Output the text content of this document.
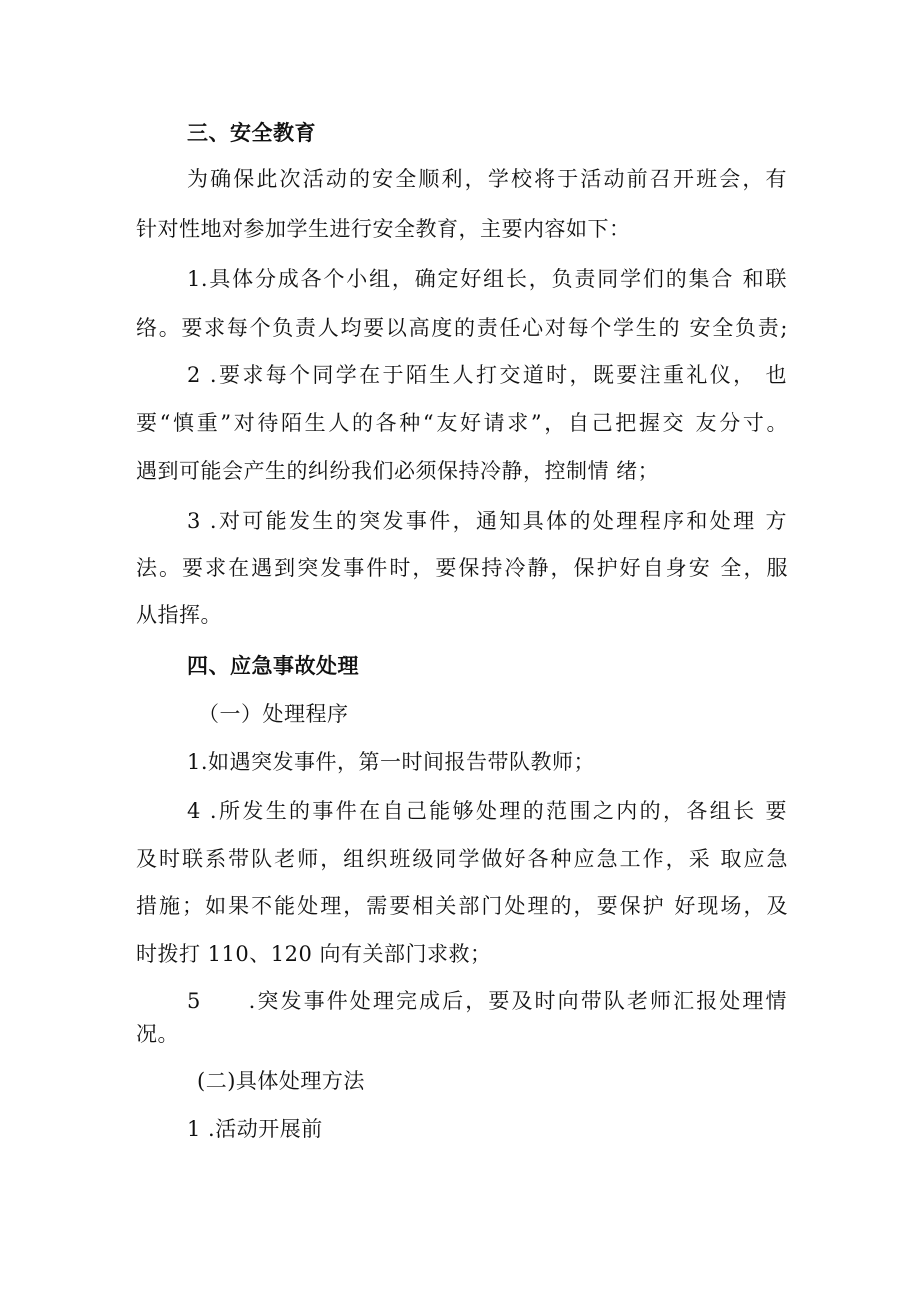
三、安全教育
为确保此次活动的安全顺利，学校将于活动前召开班会，有
针对性地对参加学生进行安全教育，主要内容如下：
1.具体分成各个小组，确定好组长，负责同学们的集合 和联
络。要求每个负责人均要以高度的责任心对每个学生的 安全负责;
2 .要求每个同学在于陌生人打交道时，既要注重礼仪， 也
要“慎重”对待陌生人的各种“友好请求”，自己把握交 友分寸。
遇到可能会产生的纠纷我们必须保持冷静，控制情 绪；
3 .对可能发生的突发事件，通知具体的处理程序和处理 方
法。要求在遇到突发事件时，要保持冷静，保护好自身安 全，服
从指挥。
四、应急事故处理
（一）处理程序
1.如遇突发事件，第一时间报告带队教师；
4 .所发生的事件在自己能够处理的范围之内的，各组长 要
及时联系带队老师，组织班级同学做好各种应急工作，采 取应急
措施；如果不能处理，需要相关部门处理的，要保护 好现场，及
时拨打 110、120 向有关部门求救；
5　　.突发事件处理完成后，要及时向带队老师汇报处理情
况。
(二)具体处理方法
1 .活动开展前
